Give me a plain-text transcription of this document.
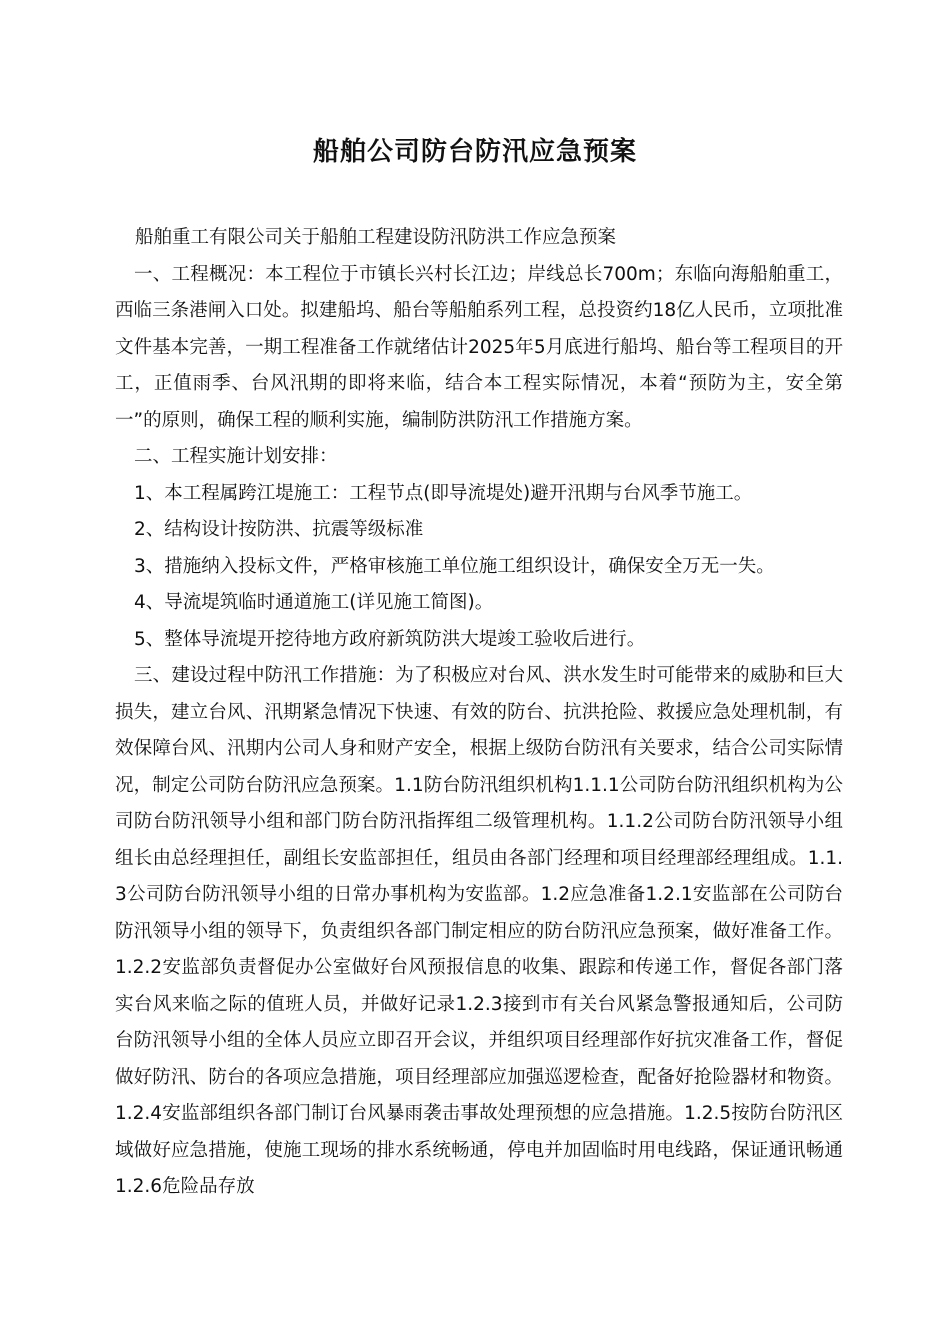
船舶公司防台防汛应急预案

船舶重工有限公司关于船舶工程建设防汛防洪工作应急预案

一、工程概况：本工程位于市镇长兴村长江边；岸线总长700m；东临向海船舶重工，西临三条港闸入口处。拟建船坞、船台等船舶系列工程，总投资约18亿人民币，立项批准文件基本完善，一期工程准备工作就绪估计2025年5月底进行船坞、船台等工程项目的开工，正值雨季、台风汛期的即将来临，结合本工程实际情况，本着“预防为主，安全第一”的原则，确保工程的顺利实施，编制防洪防汛工作措施方案。

二、工程实施计划安排：

1、本工程属跨江堤施工：工程节点(即导流堤处)避开汛期与台风季节施工。

2、结构设计按防洪、抗震等级标准

3、措施纳入投标文件，严格审核施工单位施工组织设计，确保安全万无一失。

4、导流堤筑临时通道施工(详见施工简图)。

5、整体导流堤开挖待地方政府新筑防洪大堤竣工验收后进行。

三、建设过程中防汛工作措施：为了积极应对台风、洪水发生时可能带来的威胁和巨大损失，建立台风、汛期紧急情况下快速、有效的防台、抗洪抢险、救援应急处理机制，有效保障台风、汛期内公司人身和财产安全，根据上级防台防汛有关要求，结合公司实际情况，制定公司防台防汛应急预案。1.1防台防汛组织机构1.1.1公司防台防汛组织机构为公司防台防汛领导小组和部门防台防汛指挥组二级管理机构。1.1.2公司防台防汛领导小组组长由总经理担任，副组长安监部担任，组员由各部门经理和项目经理部经理组成。1.1.3公司防台防汛领导小组的日常办事机构为安监部。1.2应急准备1.2.1安监部在公司防台防汛领导小组的领导下，负责组织各部门制定相应的防台防汛应急预案，做好准备工作。1.2.2安监部负责督促办公室做好台风预报信息的收集、跟踪和传递工作，督促各部门落实台风来临之际的值班人员，并做好记录1.2.3接到市有关台风紧急警报通知后，公司防台防汛领导小组的全体人员应立即召开会议，并组织项目经理部作好抗灾准备工作，督促做好防汛、防台的各项应急措施，项目经理部应加强巡逻检查，配备好抢险器材和物资。1.2.4安监部组织各部门制订台风暴雨袭击事故处理预想的应急措施。1.2.5按防台防汛区域做好应急措施，使施工现场的排水系统畅通，停电并加固临时用电线路，保证通讯畅通1.2.6危险品存放
